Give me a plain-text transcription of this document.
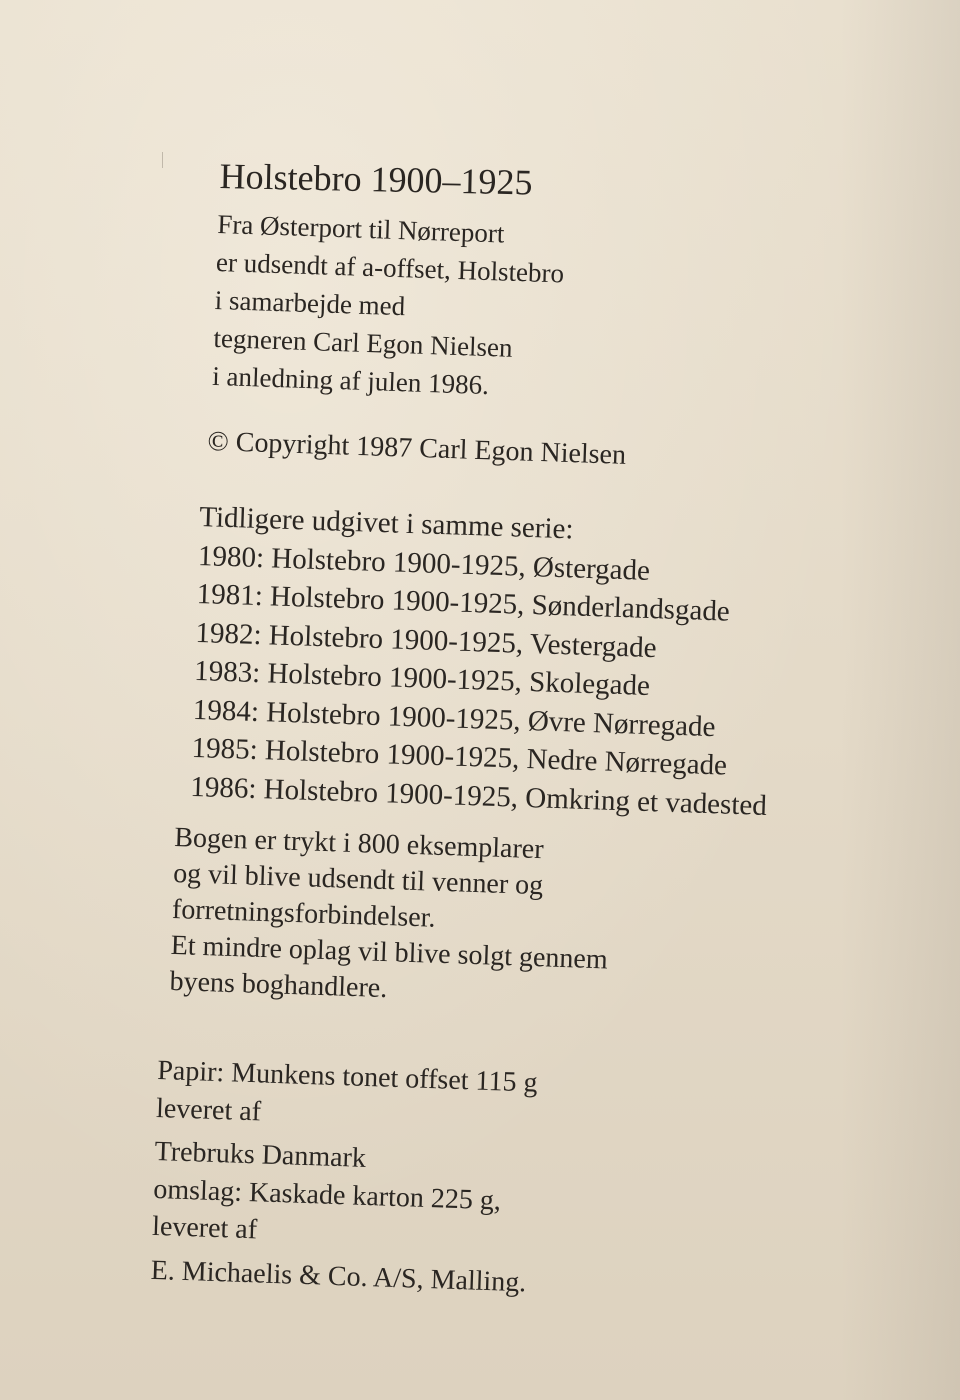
Holstebro 1900–1925
Fra Østerport til Nørreport
er udsendt af a-offset, Holstebro
i samarbejde med
tegneren Carl Egon Nielsen
i anledning af julen 1986.
© Copyright 1987 Carl Egon Nielsen
Tidligere udgivet i samme serie:
1980: Holstebro 1900-1925, Østergade
1981: Holstebro 1900-1925, Sønderlandsgade
1982: Holstebro 1900-1925, Vestergade
1983: Holstebro 1900-1925, Skolegade
1984: Holstebro 1900-1925, Øvre Nørregade
1985: Holstebro 1900-1925, Nedre Nørregade
1986: Holstebro 1900-1925, Omkring et vadested
Bogen er trykt i 800 eksemplarer
og vil blive udsendt til venner og
forretningsforbindelser.
Et mindre oplag vil blive solgt gennem
byens boghandlere.
Papir: Munkens tonet offset 115 g
leveret af
Trebruks Danmark
omslag: Kaskade karton 225 g,
leveret af
E. Michaelis & Co. A/S, Malling.
